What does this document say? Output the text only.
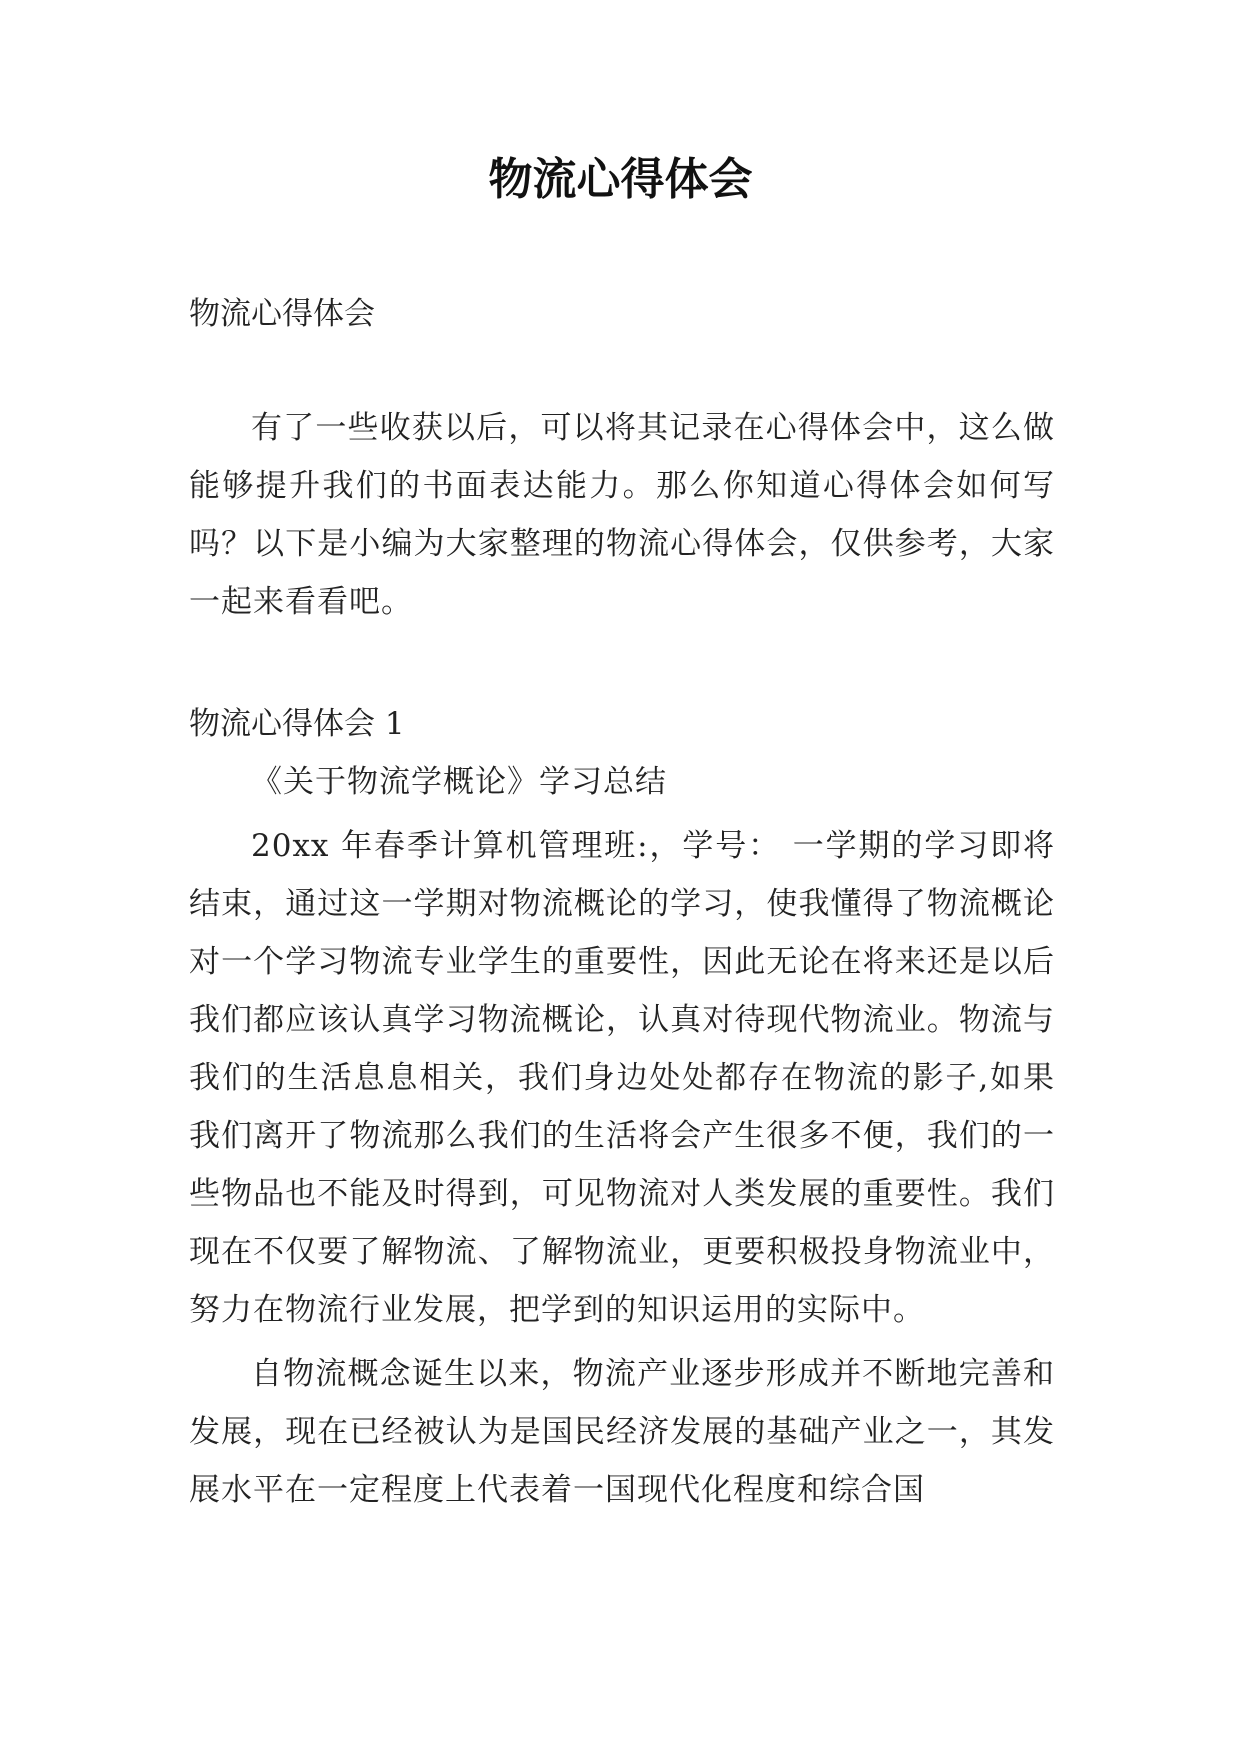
物流心得体会

物流心得体会

有了一些收获以后，可以将其记录在心得体会中，这么做能够提升我们的书面表达能力。那么你知道心得体会如何写吗？以下是小编为大家整理的物流心得体会，仅供参考，大家一起来看看吧。

物流心得体会 1

《关于物流学概论》学习总结

20xx 年春季计算机管理班:，学号： 一学期的学习即将结束，通过这一学期对物流概论的学习，使我懂得了物流概论对一个学习物流专业学生的重要性，因此无论在将来还是以后我们都应该认真学习物流概论，认真对待现代物流业。物流与我们的生活息息相关，我们身边处处都存在物流的影子,如果我们离开了物流那么我们的生活将会产生很多不便，我们的一些物品也不能及时得到，可见物流对人类发展的重要性。我们现在不仅要了解物流、了解物流业，更要积极投身物流业中，努力在物流行业发展，把学到的知识运用的实际中。

自物流概念诞生以来，物流产业逐步形成并不断地完善和发展，现在已经被认为是国民经济发展的基础产业之一，其发展水平在一定程度上代表着一国现代化程度和综合国
